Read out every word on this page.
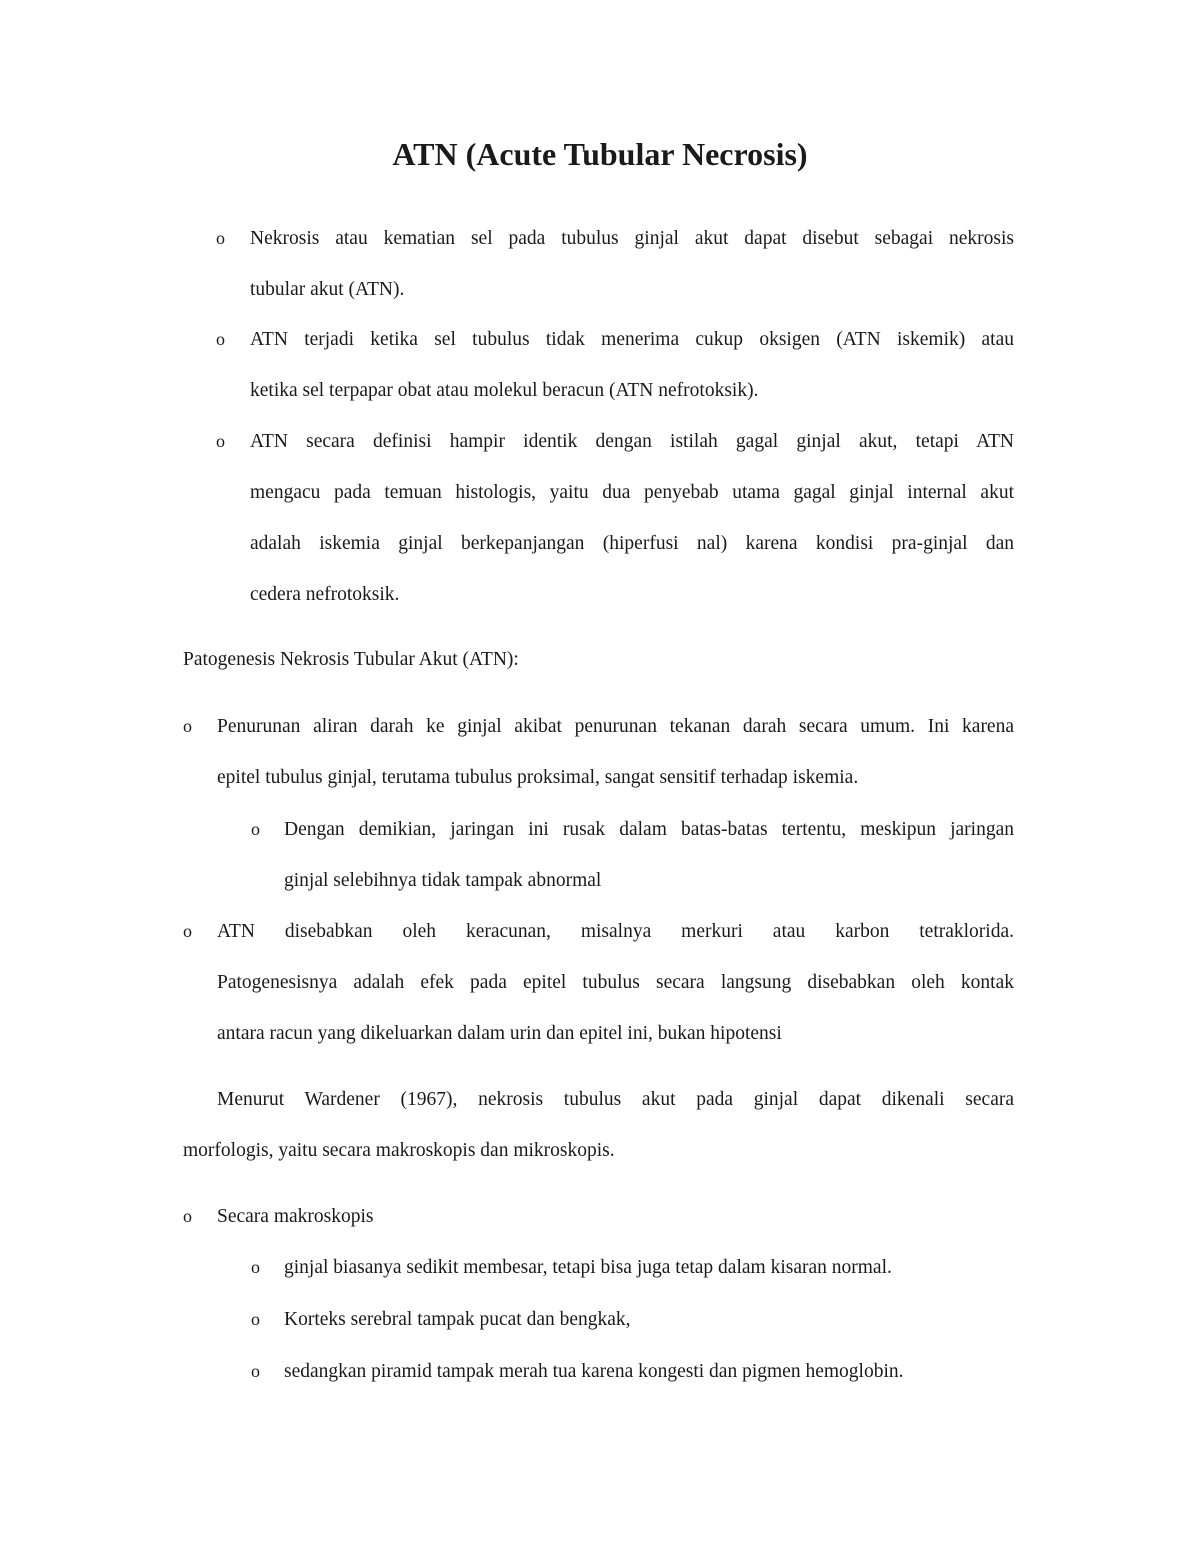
ATN (Acute Tubular Necrosis)
o Nekrosis atau kematian sel pada tubulus ginjal akut dapat disebut sebagai nekrosis

tubular akut (ATN).

o ATN terjadi ketika sel tubulus tidak menerima cukup oksigen (ATN iskemik) atau

ketika sel terpapar obat atau molekul beracun (ATN nefrotoksik).

o ATN secara definisi hampir identik dengan istilah gagal ginjal akut, tetapi ATN

mengacu pada temuan histologis, yaitu dua penyebab utama gagal ginjal internal akut

adalah iskemia ginjal berkepanjangan (hiperfusi nal) karena kondisi pra-ginjal dan

cedera nefrotoksik.

Patogenesis Nekrosis Tubular Akut (ATN):

o Penurunan aliran darah ke ginjal akibat penurunan tekanan darah secara umum. Ini karena

epitel tubulus ginjal, terutama tubulus proksimal, sangat sensitif terhadap iskemia.

o Dengan demikian, jaringan ini rusak dalam batas-batas tertentu, meskipun jaringan

ginjal selebihnya tidak tampak abnormal

o ATN disebabkan oleh keracunan, misalnya merkuri atau karbon tetraklorida.

Patogenesisnya adalah efek pada epitel tubulus secara langsung disebabkan oleh kontak

antara racun yang dikeluarkan dalam urin dan epitel ini, bukan hipotensi

Menurut Wardener (1967), nekrosis tubulus akut pada ginjal dapat dikenali secara

morfologis, yaitu secara makroskopis dan mikroskopis.

o Secara makroskopis

o ginjal biasanya sedikit membesar, tetapi bisa juga tetap dalam kisaran normal.

o Korteks serebral tampak pucat dan bengkak,

o sedangkan piramid tampak merah tua karena kongesti dan pigmen hemoglobin.
